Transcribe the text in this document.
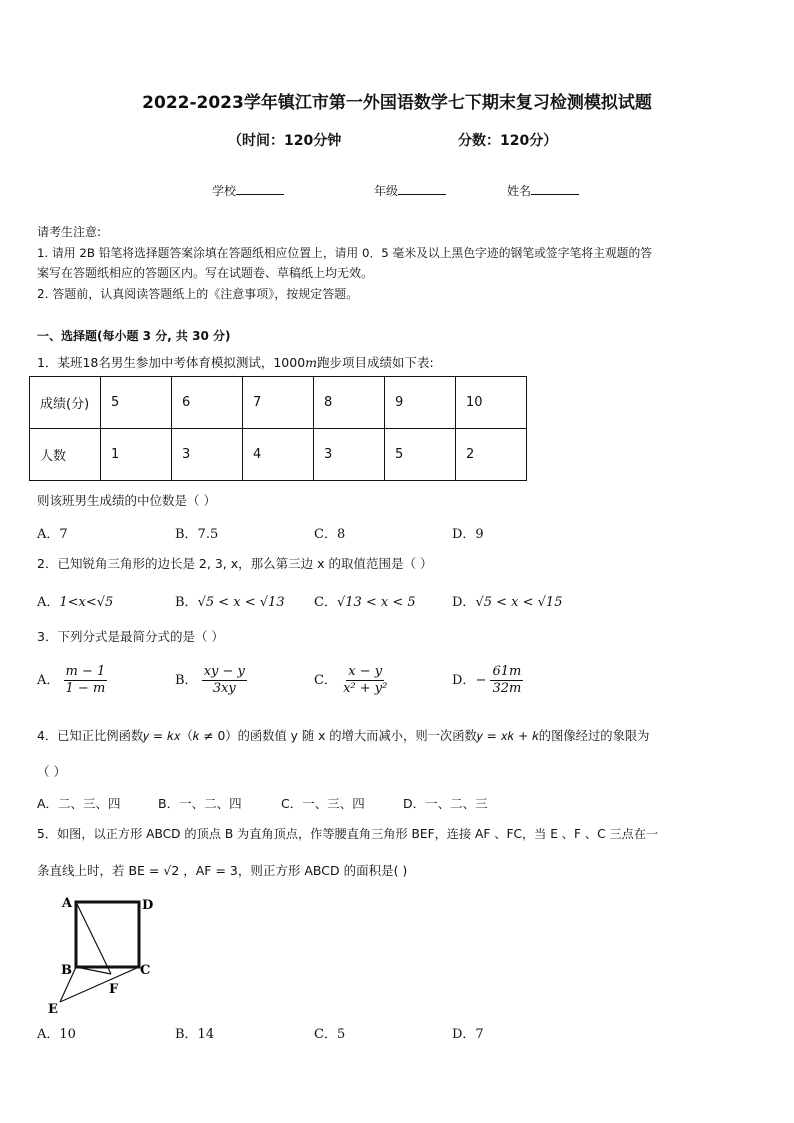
2022-2023学年镇江市第一外国语数学七下期末复习检测模拟试题
（时间：120分钟	分数：120分）
学校	年级	姓名
请考生注意:
1. 请用 2B 铅笔将选择题答案涂填在答题纸相应位置上，请用 0．5 毫米及以上黑色字迹的钢笔或签字笔将主观题的答
案写在答题纸相应的答题区内。写在试题卷、草稿纸上均无效。
2. 答题前，认真阅读答题纸上的《注意事项》，按规定答题。
一、选择题(每小题 3 分, 共 30 分)
1．某班18名男生参加中考体育模拟测试，1000m跑步项目成绩如下表:
成绩(分)	5	6	7	8	9	10
人数	1	3	4	3	5	2
则该班男生成绩的中位数是（ ）
A．7	B．7.5	C．8	D．9
2．已知锐角三角形的边长是 2, 3, x，那么第三边 x 的取值范围是（ ）
A．1<x<√5	B．√5 < x < √13 C．√13 < x < 5	D．√5 < x < √15
3．下列分式是最简分式的是（ ）
A． $\frac{m - 1}{1 - m}$	B． $\frac{xy - y}{3xy}$	C． $\frac{x - y}{\text{x² + y²}}$	D．− $\frac{61m}{32m}$
4．已知正比例函数𝑦 = 𝑘𝑥（𝑘 ≠ 0）的函数值 y 随 x 的增大而减小，则一次函数𝑦 = 𝑥𝑘 + 𝑘的图像经过的象限为
（ ）
A．二、三、四	B．一、二、四	C．一、三、四	D．一、二、三
5．如图，以正方形 ABCD 的顶点 B 为直角顶点，作等腰直角三角形 BEF，连接 AF 、FC，当 E 、F 、C 三点在一
条直线上时，若 BE = √2 ，AF = 3，则正方形 ABCD 的面积是( )
A	D
B	C
F
E
A．10	B．14	C．5	D．7
